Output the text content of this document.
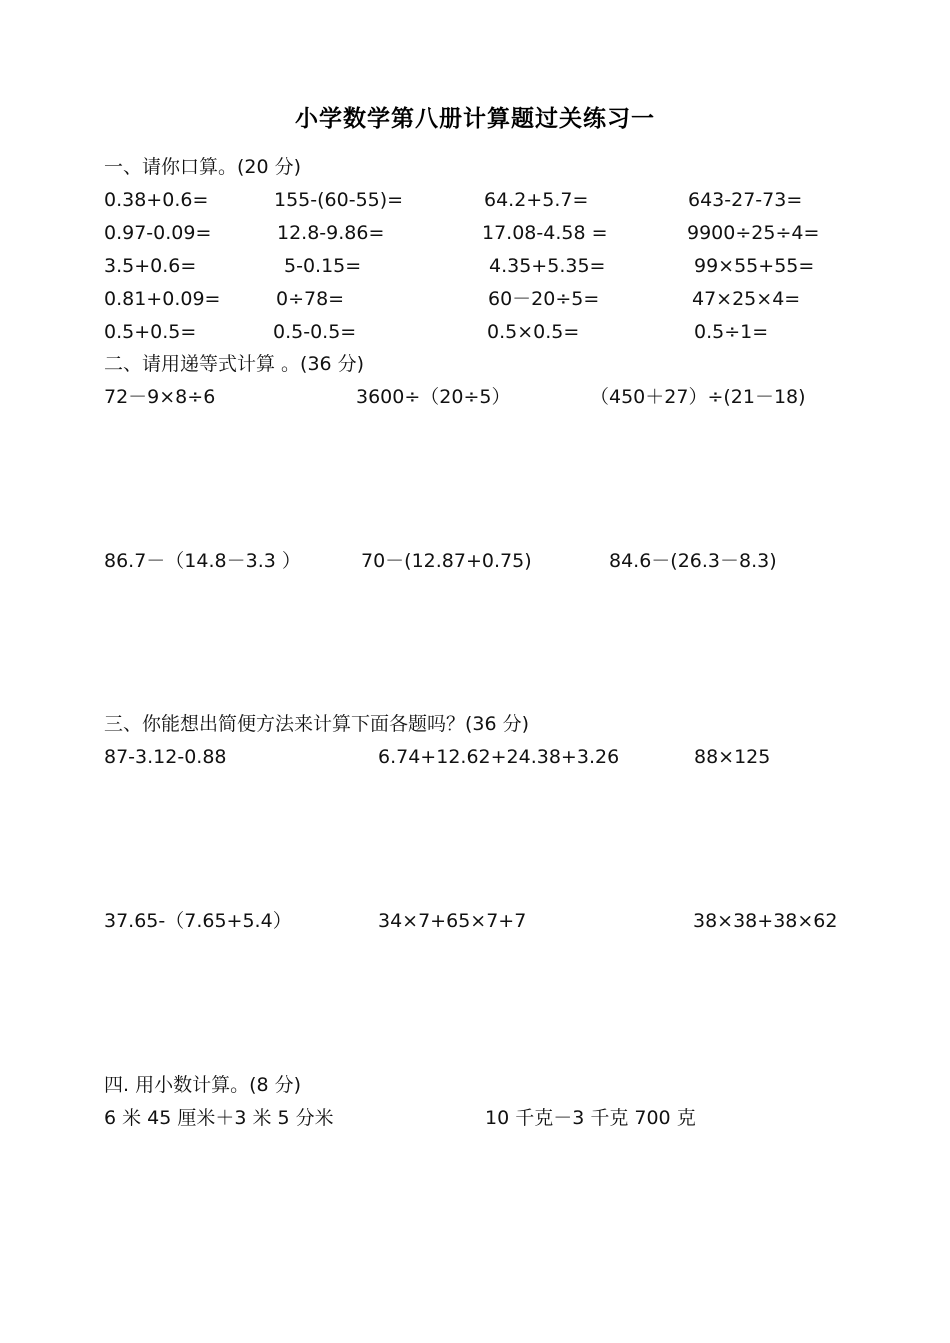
小学数学第八册计算题过关练习一
一、请你口算。(20 分)
0.38+0.6=	155-(60-55)=	64.2+5.7=	643-27-73=
0.97-0.09=	12.8-9.86=	17.08-4.58 =	9900÷25÷4=
3.5+0.6=	5-0.15=	4.35+5.35=	99×55+55=
0.81+0.09=	0÷78=	60－20÷5=	47×25×4=
0.5+0.5=	0.5-0.5=	0.5×0.5=	0.5÷1=
二、请用递等式计算 。(36 分)
72－9×8÷6	3600÷（20÷5）	（450＋27）÷(21－18)
86.7－（14.8－3.3 ）	70－(12.87+0.75)	84.6－(26.3－8.3)
三、你能想出简便方法来计算下面各题吗？(36 分)
87-3.12-0.88	6.74+12.62+24.38+3.26	88×125
37.65-（7.65+5.4）	34×7+65×7+7	38×38+38×62
四. 用小数计算。(8 分)
6 米 45 厘米＋3 米 5 分米	10 千克－3 千克 700 克
